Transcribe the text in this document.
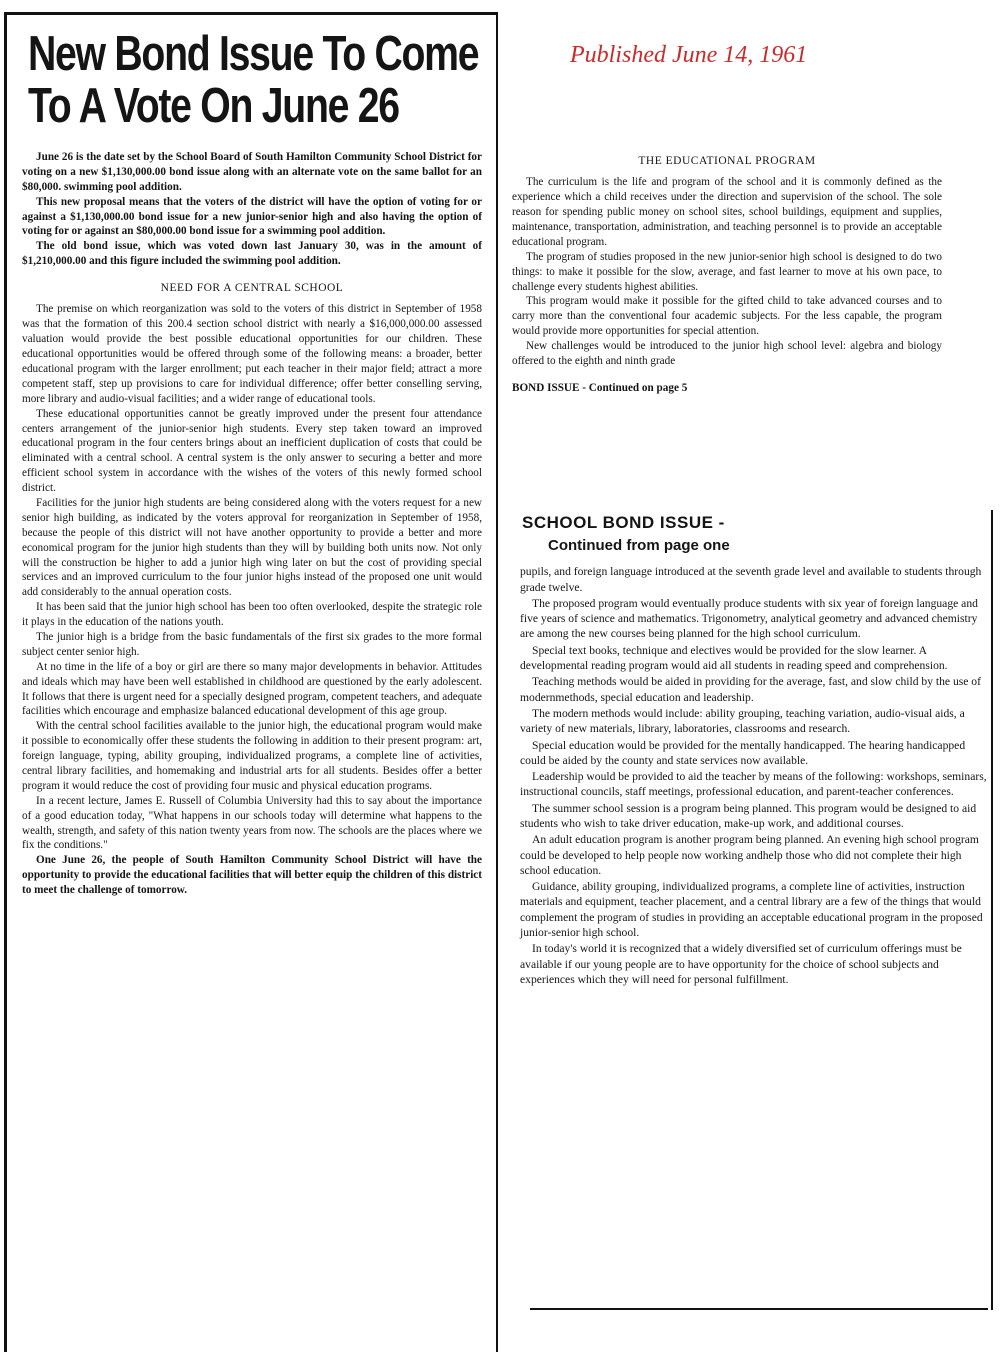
New Bond Issue To Come
To A Vote On June 26
Published June 14, 1961

June 26 is the date set by the School Board of South Hamilton Community School District for voting on a new $1,130,000.00 bond issue along with an alternate vote on the same ballot for an $80,000. swimming pool addition.

This new proposal means that the voters of the district will have the option of voting for or against a $1,130,000.00 bond issue for a new junior-senior high and also having the option of voting for or against an $80,000.00 bond issue for a swimming pool addition.

The old bond issue, which was voted down last January 30, was in the amount of $1,210,000.00 and this figure included the swimming pool addition.

NEED FOR A CENTRAL SCHOOL

The premise on which reorganization was sold to the voters of this district in September of 1958 was that the formation of this 200.4 section school district with nearly a $16,000,000.00 assessed valuation would provide the best possible educational opportunities for our children. These educational opportunities would be offered through some of the following means: a broader, better educational program with the larger enrollment; put each teacher in their major field; attract a more competent staff, step up provisions to care for individual difference; offer better conselling serving, more library and audio-visual facilities; and a wider range of educational tools.

These educational opportunities cannot be greatly improved under the present four attendance centers arrangement of the junior-senior high students. Every step taken toward an improved educational program in the four centers brings about an inefficient duplication of costs that could be eliminated with a central school. A central system is the only answer to securing a better and more efficient school system in accordance with the wishes of the voters of this newly formed school district.

Facilities for the junior high students are being considered along with the voters request for a new senior high building, as indicated by the voters approval for reorganization in September of 1958, because the people of this district will not have another opportunity to provide a better and more economical program for the junior high students than they will by building both units now. Not only will the construction be higher to add a junior high wing later on but the cost of providing special services and an improved curriculum to the four junior highs instead of the proposed one unit would add considerably to the annual operation costs.

It has been said that the junior high school has been too often overlooked, despite the strategic role it plays in the education of the nations youth.

The junior high is a bridge from the basic fundamentals of the first six grades to the more formal subject center senior high.

At no time in the life of a boy or girl are there so many major developments in behavior. Attitudes and ideals which may have been well established in childhood are questioned by the early adolescent. It follows that there is urgent need for a specially designed program, competent teachers, and adequate facilities which encourage and emphasize balanced educational development of this age group.

With the central school facilities available to the junior high, the educational program would make it possible to economically offer these students the following in addition to their present program: art, foreign language, typing, ability grouping, individualized programs, a complete line of activities, central library facilities, and homemaking and industrial arts for all students. Besides offer a better program it would reduce the cost of providing four music and physical education programs.

In a recent lecture, James E. Russell of Columbia University had this to say about the importance of a good education today, "What happens in our schools today will determine what happens to the wealth, strength, and safety of this nation twenty years from now. The schools are the places where we fix the conditions."

One June 26, the people of South Hamilton Community School District will have the opportunity to provide the educational facilities that will better equip the children of this district to meet the challenge of tomorrow.

THE EDUCATIONAL PROGRAM

The curriculum is the life and program of the school and it is commonly defined as the experience which a child receives under the direction and supervision of the school. The sole reason for spending public money on school sites, school buildings, equipment and supplies, maintenance, transportation, administration, and teaching personnel is to provide an acceptable educational program.

The program of studies proposed in the new junior-senior high school is designed to do two things: to make it possible for the slow, average, and fast learner to move at his own pace, to challenge every students highest abilities.

This program would make it possible for the gifted child to take advanced courses and to carry more than the conventional four academic subjects. For the less capable, the program would provide more opportunities for special attention.

New challenges would be introduced to the junior high school level: algebra and biology offered to the eighth and ninth grade

BOND ISSUE - Continued on page 5

SCHOOL BOND ISSUE -
Continued from page one

pupils, and foreign language introduced at the seventh grade level and available to students through grade twelve.

The proposed program would eventually produce students with six year of foreign language and five years of science and mathematics. Trigonometry, analytical geometry and advanced chemistry are among the new courses being planned for the high school curriculum.

Special text books, technique and electives would be provided for the slow learner. A developmental reading program would aid all students in reading speed and comprehension.

Teaching methods would be aided in providing for the average, fast, and slow child by the use of modernmethods, special education and leadership.

The modern methods would include: ability grouping, teaching variation, audio-visual aids, a variety of new materials, library, laboratories, classrooms and research.

Special education would be provided for the mentally handicapped. The hearing handicapped could be aided by the county and state services now available.

Leadership would be provided to aid the teacher by means of the following: workshops, seminars, instructional councils, staff meetings, professional education, and parent-teacher conferences.

The summer school session is a program being planned. This program would be designed to aid students who wish to take driver education, make-up work, and additional courses.

An adult education program is another program being planned. An evening high school program could be developed to help people now working andhelp those who did not complete their high school education.

Guidance, ability grouping, individualized programs, a complete line of activities, instruction materials and equipment, teacher placement, and a central library are a few of the things that would complement the program of studies in providing an acceptable educational program in the proposed junior-senior high school.

In today's world it is recognized that a widely diversified set of curriculum offerings must be available if our young people are to have opportunity for the choice of school subjects and experiences which they will need for personal fulfillment.
